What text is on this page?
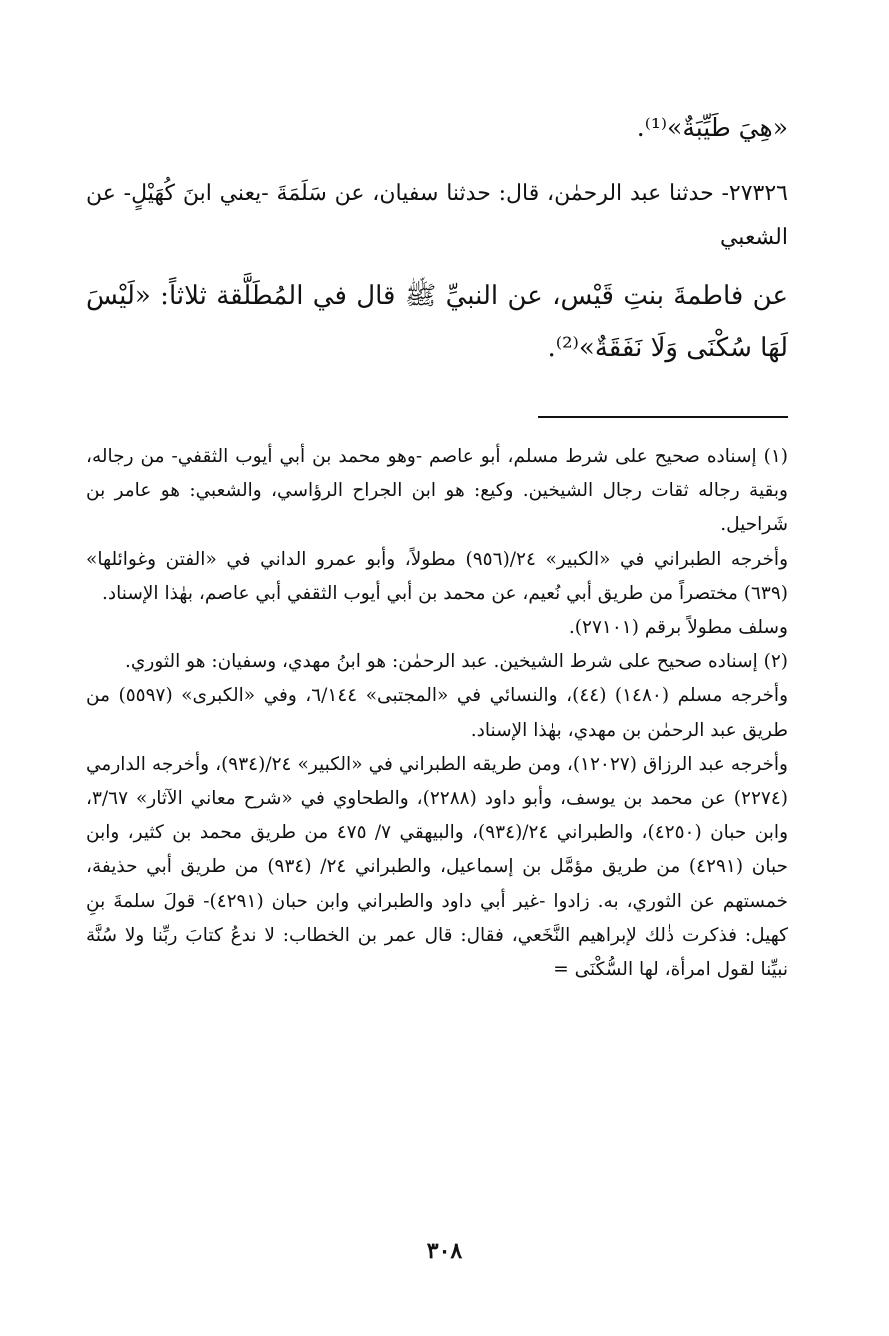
«هِيَ طَيِّبَةٌ»⁽¹⁾.
٢٧٣٢٦- حدثنا عبد الرحمٰن، قال: حدثنا سفيان، عن سَلَمَةَ -يعني ابنَ كُهَيْلٍ- عن الشعبي
عن فاطمةَ بنتِ قَيْس، عن النبيِّ ﷺ قال في المُطَلَّقة ثلاثاً: «لَيْسَ لَهَا سُكْنَى وَلَا نَفَقَةٌ»⁽²⁾.

(١) إسناده صحيح على شرط مسلم، أبو عاصم -وهو محمد بن أبي أيوب الثقفي- من رجاله، وبقية رجاله ثقات رجال الشيخين. وكيع: هو ابن الجراح الرؤاسي، والشعبي: هو عامر بن شَراحيل.

وأخرجه الطبراني في «الكبير» ٢٤/(٩٥٦) مطولاً، وأبو عمرو الداني في «الفتن وغوائلها» (٦٣٩) مختصراً من طريق أبي نُعيم، عن محمد بن أبي أيوب الثقفي أبي عاصم، بهٰذا الإسناد.

وسلف مطولاً برقم (٢٧١٠١).

(٢) إسناده صحيح على شرط الشيخين. عبد الرحمٰن: هو ابنُ مهدي، وسفيان: هو الثوري.

وأخرجه مسلم (١٤٨٠) (٤٤)، والنسائي في «المجتبى» ٦/١٤٤، وفي «الكبرى» (٥٥٩٧) من طريق عبد الرحمٰن بن مهدي، بهٰذا الإسناد.

وأخرجه عبد الرزاق (١٢٠٢٧)، ومن طريقه الطبراني في «الكبير» ٢٤/(٩٣٤)، وأخرجه الدارمي (٢٢٧٤) عن محمد بن يوسف، وأبو داود (٢٢٨٨)، والطحاوي في «شرح معاني الآثار» ٣/٦٧، وابن حبان (٤٢٥٠)، والطبراني ٢٤/(٩٣٤)، والبيهقي ٧/ ٤٧٥ من طريق محمد بن كثير، وابن حبان (٤٢٩١) من طريق مؤمَّل بن إسماعيل، والطبراني ٢٤/ (٩٣٤) من طريق أبي حذيفة، خمستهم عن الثوري، به. زادوا -غير أبي داود والطبراني وابن حبان (٤٢٩١)- قولَ سلمةَ بنِ كهيل: فذكرت ذٰلك لإبراهيم النَّخَعي، فقال: قال عمر بن الخطاب: لا ندعُ كتابَ ربِّنا ولا سُنَّة نبيِّنا لقول امرأة، لها السُّكْنَى =

٣٠٨
